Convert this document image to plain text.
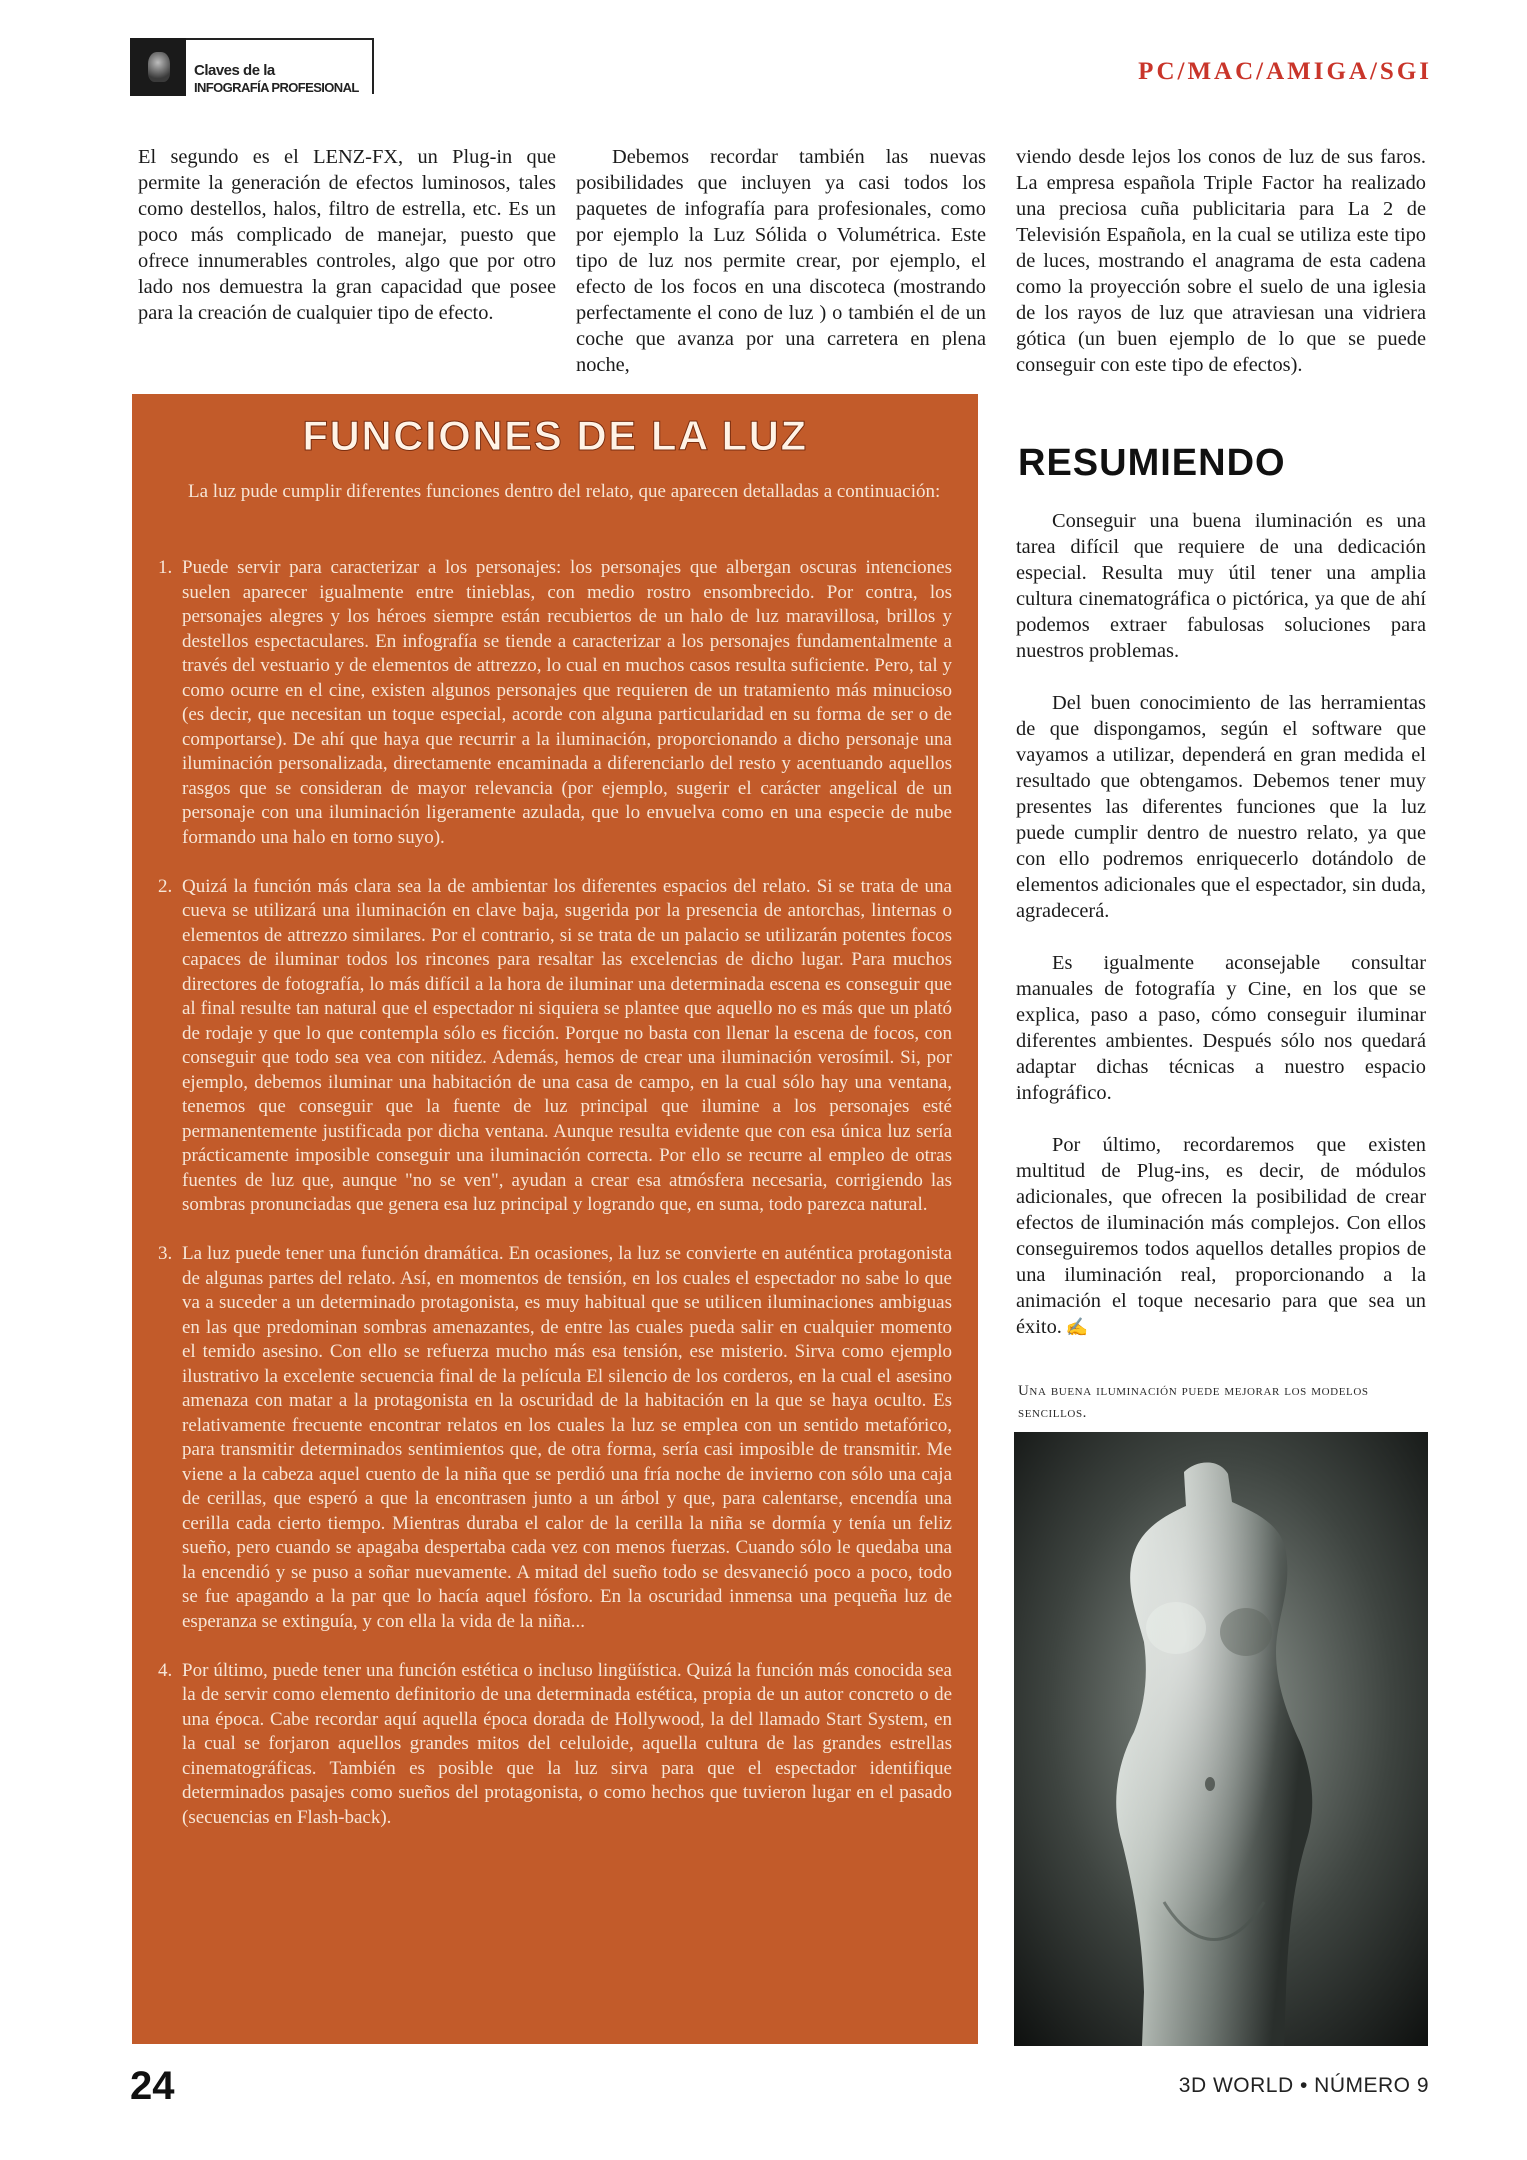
Claves de la
INFOGRAFÍA PROFESIONAL
PC/MAC/AMIGA/SGI

El segundo es el LENZ-FX, un Plug-in que permite la generación de efectos luminosos, tales como destellos, halos, filtro de estrella, etc. Es un poco más complicado de manejar, puesto que ofrece innumerables controles, algo que por otro lado nos demuestra la gran capacidad que posee para la creación de cualquier tipo de efecto.

Debemos recordar también las nuevas posibilidades que incluyen ya casi todos los paquetes de infografía para profesionales, como por ejemplo la Luz Sólida o Volumétrica. Este tipo de luz nos permite crear, por ejemplo, el efecto de los focos en una discoteca (mostrando perfectamente el cono de luz ) o también el de un coche que avanza por una carretera en plena noche,

viendo desde lejos los conos de luz de sus faros. La empresa española Triple Factor ha realizado una preciosa cuña publicitaria para La 2 de Televisión Española, en la cual se utiliza este tipo de luces, mostrando el anagrama de esta cadena como la proyección sobre el suelo de una iglesia de los rayos de luz que atraviesan una vidriera gótica (un buen ejemplo de lo que se puede conseguir con este tipo de efectos).

RESUMIENDO

Conseguir una buena iluminación es una tarea difícil que requiere de una dedicación especial. Resulta muy útil tener una amplia cultura cinematográfica o pictórica, ya que de ahí podemos extraer fabulosas soluciones para nuestros problemas.

Del buen conocimiento de las herramientas de que dispongamos, según el software que vayamos a utilizar, dependerá en gran medida el resultado que obtengamos. Debemos tener muy presentes las diferentes funciones que la luz puede cumplir dentro de nuestro relato, ya que con ello podremos enriquecerlo dotándolo de elementos adicionales que el espectador, sin duda, agradecerá.

Es igualmente aconsejable consultar manuales de fotografía y Cine, en los que se explica, paso a paso, cómo conseguir iluminar diferentes ambientes. Después sólo nos quedará adaptar dichas técnicas a nuestro espacio infográfico.

Por último, recordaremos que existen multitud de Plug-ins, es decir, de módulos adicionales, que ofrecen la posibilidad de crear efectos de iluminación más complejos. Con ellos conseguiremos todos aquellos detalles propios de una iluminación real, proporcionando a la animación el toque necesario para que sea un éxito. ✍

FUNCIONES DE LA LUZ
La luz pude cumplir diferentes funciones dentro del relato, que aparecen detalladas a continuación:
1. Puede servir para caracterizar a los personajes: los personajes que albergan oscuras intenciones suelen aparecer igualmente entre tinieblas, con medio rostro ensombrecido. Por contra, los personajes alegres y los héroes siempre están recubiertos de un halo de luz maravillosa, brillos y destellos espectaculares. En infografía se tiende a caracterizar a los personajes fundamentalmente a través del vestuario y de elementos de attrezzo, lo cual en muchos casos resulta suficiente. Pero, tal y como ocurre en el cine, existen algunos personajes que requieren de un tratamiento más minucioso (es decir, que necesitan un toque especial, acorde con alguna particularidad en su forma de ser o de comportarse). De ahí que haya que recurrir a la iluminación, proporcionando a dicho personaje una iluminación personalizada, directamente encaminada a diferenciarlo del resto y acentuando aquellos rasgos que se consideran de mayor relevancia (por ejemplo, sugerir el carácter angelical de un personaje con una iluminación ligeramente azulada, que lo envuelva como en una especie de nube formando una halo en torno suyo).
2. Quizá la función más clara sea la de ambientar los diferentes espacios del relato. Si se trata de una cueva se utilizará una iluminación en clave baja, sugerida por la presencia de antorchas, linternas o elementos de attrezzo similares. Por el contrario, si se trata de un palacio se utilizarán potentes focos capaces de iluminar todos los rincones para resaltar las excelencias de dicho lugar. Para muchos directores de fotografía, lo más difícil a la hora de iluminar una determinada escena es conseguir que al final resulte tan natural que el espectador ni siquiera se plantee que aquello no es más que un plató de rodaje y que lo que contempla sólo es ficción. Porque no basta con llenar la escena de focos, con conseguir que todo sea vea con nitidez. Además, hemos de crear una iluminación verosímil. Si, por ejemplo, debemos iluminar una habitación de una casa de campo, en la cual sólo hay una ventana, tenemos que conseguir que la fuente de luz principal que ilumine a los personajes esté permanentemente justificada por dicha ventana. Aunque resulta evidente que con esa única luz sería prácticamente imposible conseguir una iluminación correcta. Por ello se recurre al empleo de otras fuentes de luz que, aunque "no se ven", ayudan a crear esa atmósfera necesaria, corrigiendo las sombras pronunciadas que genera esa luz principal y logrando que, en suma, todo parezca natural.
3. La luz puede tener una función dramática. En ocasiones, la luz se convierte en auténtica protagonista de algunas partes del relato. Así, en momentos de tensión, en los cuales el espectador no sabe lo que va a suceder a un determinado protagonista, es muy habitual que se utilicen iluminaciones ambiguas en las que predominan sombras amenazantes, de entre las cuales pueda salir en cualquier momento el temido asesino. Con ello se refuerza mucho más esa tensión, ese misterio. Sirva como ejemplo ilustrativo la excelente secuencia final de la película El silencio de los corderos, en la cual el asesino amenaza con matar a la protagonista en la oscuridad de la habitación en la que se haya oculto. Es relativamente frecuente encontrar relatos en los cuales la luz se emplea con un sentido metafórico, para transmitir determinados sentimientos que, de otra forma, sería casi imposible de transmitir. Me viene a la cabeza aquel cuento de la niña que se perdió una fría noche de invierno con sólo una caja de cerillas, que esperó a que la encontrasen junto a un árbol y que, para calentarse, encendía una cerilla cada cierto tiempo. Mientras duraba el calor de la cerilla la niña se dormía y tenía un feliz sueño, pero cuando se apagaba despertaba cada vez con menos fuerzas. Cuando sólo le quedaba una la encendió y se puso a soñar nuevamente. A mitad del sueño todo se desvaneció poco a poco, todo se fue apagando a la par que lo hacía aquel fósforo. En la oscuridad inmensa una pequeña luz de esperanza se extinguía, y con ella la vida de la niña...
4. Por último, puede tener una función estética o incluso lingüística. Quizá la función más conocida sea la de servir como elemento definitorio de una determinada estética, propia de un autor concreto o de una época. Cabe recordar aquí aquella época dorada de Hollywood, la del llamado Start System, en la cual se forjaron aquellos grandes mitos del celuloide, aquella cultura de las grandes estrellas cinematográficas. También es posible que la luz sirva para que el espectador identifique determinados pasajes como sueños del protagonista, o como hechos que tuvieron lugar en el pasado (secuencias en Flash-back).
Una buena iluminación puede mejorar los modelos sencillos.
24	3D WORLD • NÚMERO 9
